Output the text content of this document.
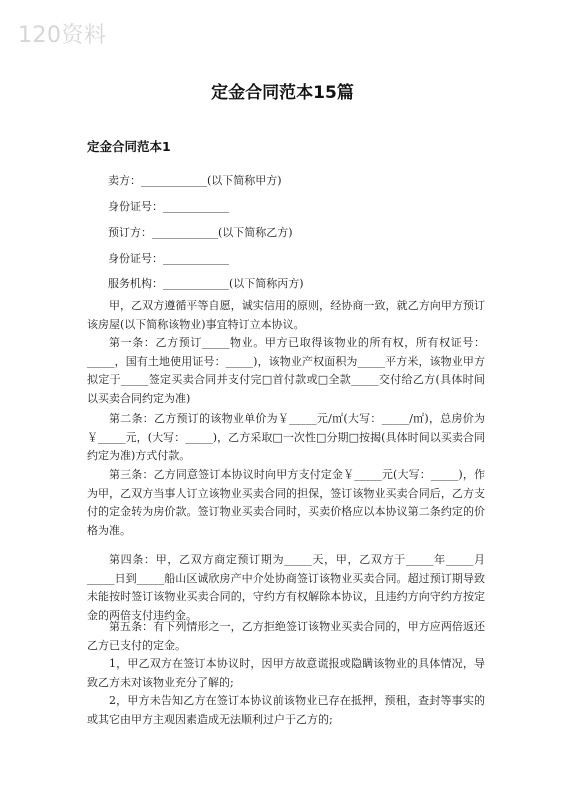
120资料
定金合同范本15篇
定金合同范本1
卖方：____________(以下简称甲方)
身份证号：____________
预订方：____________(以下简称乙方)
身份证号：____________
服务机构：____________(以下简称丙方)

甲，乙双方遵循平等自愿，诚实信用的原则，经协商一致，就乙方向甲方预订该房屋(以下简称该物业)事宜特订立本协议。

第一条：乙方预订_____物业。甲方已取得该物业的所有权，所有权证号：_____，国有土地使用证号：_____)，该物业产权面积为_____平方米，该物业甲方拟定于_____签定买卖合同并支付完□首付款或□全款_____交付给乙方(具体时间以买卖合同约定为准)

第二条：乙方预订的该物业单价为￥_____元/㎡(大写：_____/㎡)，总房价为￥_____元，(大写：_____)，乙方采取□一次性□分期□按揭(具体时间以买卖合同约定为准)方式付款。

第三条：乙方同意签订本协议时向甲方支付定金￥_____元(大写：_____)，作为甲，乙双方当事人订立该物业买卖合同的担保，签订该物业买卖合同后，乙方支付的定金转为房价款。签订物业买卖合同时，买卖价格应以本协议第二条约定的价格为准。

第四条：甲，乙双方商定预订期为_____天，甲，乙双方于_____年_____月_____日到_____船山区诚欣房产中介处协商签订该物业买卖合同。超过预订期导致未能按时签订该物业买卖合同的，守约方有权解除本协议，且违约方向守约方按定金的两倍支付违约金。

第五条：有下列情形之一，乙方拒绝签订该物业买卖合同的，甲方应两倍返还乙方已支付的定金。

1，甲乙双方在签订本协议时，因甲方故意谎报或隐瞒该物业的具体情况，导致乙方未对该物业充分了解的;

2，甲方未告知乙方在签订本协议前该物业已存在抵押，预租，查封等事实的或其它由甲方主观因素造成无法顺利过户于乙方的;
